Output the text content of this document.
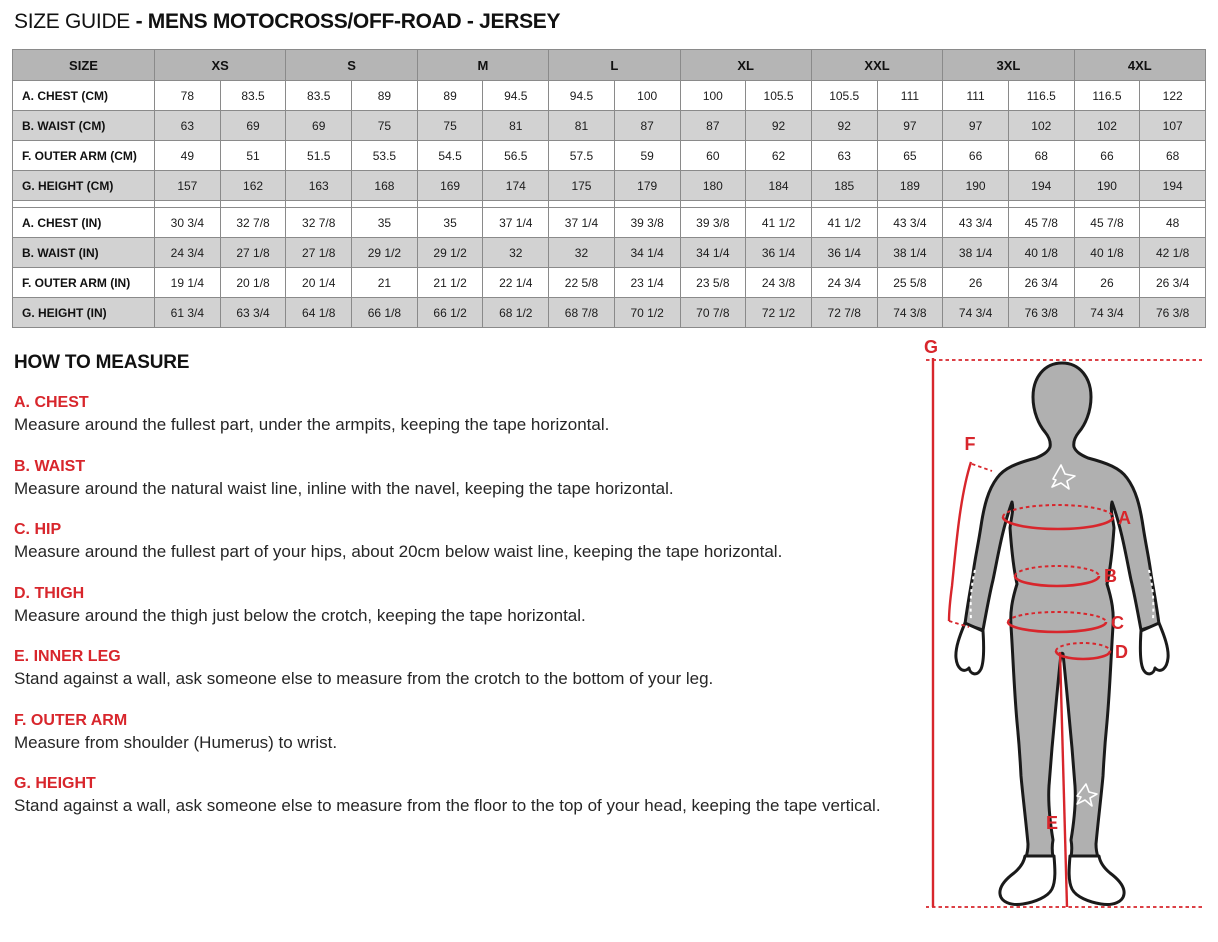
SIZE GUIDE - MENS MOTOCROSS/OFF-ROAD - JERSEY
SIZE	XS		S		M		L		XL		XXL		3XL		4XL	
A. CHEST (CM)	78	83.5	83.5	89	89	94.5	94.5	100	100	105.5	105.5	111	111	116.5	116.5	122
B. WAIST (CM)	63	69	69	75	75	81	81	87	87	92	92	97	97	102	102	107
F. OUTER ARM (CM)	49	51	51.5	53.5	54.5	56.5	57.5	59	60	62	63	65	66	68	66	68
G. HEIGHT (CM)	157	162	163	168	169	174	175	179	180	184	185	189	190	194	190	194

A. CHEST (IN)	30 3/4	32 7/8	32 7/8	35	35	37 1/4	37 1/4	39 3/8	39 3/8	41 1/2	41 1/2	43 3/4	43 3/4	45 7/8	45 7/8	48
B. WAIST (IN)	24 3/4	27 1/8	27 1/8	29 1/2	29 1/2	32	32	34 1/4	34 1/4	36 1/4	36 1/4	38 1/4	38 1/4	40 1/8	40 1/8	42 1/8
F. OUTER ARM (IN)	19 1/4	20 1/8	20 1/4	21	21 1/2	22 1/4	22 5/8	23 1/4	23 5/8	24 3/8	24 3/4	25 5/8	26	26 3/4	26	26 3/4
G. HEIGHT (IN)	61 3/4	63 3/4	64 1/8	66 1/8	66 1/2	68 1/2	68 7/8	70 1/2	70 7/8	72 1/2	72 7/8	74 3/8	74 3/4	76 3/8	74 3/4	76 3/8
HOW TO MEASURE
A. CHEST
Measure around the fullest part, under the armpits, keeping the tape horizontal.
B. WAIST
Measure around the natural waist line, inline with the navel, keeping the tape horizontal.
C. HIP
Measure around the fullest part of your hips, about 20cm below waist line, keeping the tape horizontal.
D. THIGH
Measure around the thigh just below the crotch, keeping the tape horizontal.
E. INNER LEG
Stand against a wall, ask someone else to measure from the crotch to the bottom of your leg.
F. OUTER ARM
Measure from shoulder (Humerus) to wrist.
G. HEIGHT
Stand against a wall, ask someone else to measure from the floor to the top of your head, keeping the tape vertical.
G
F
A
B
C
D
E
